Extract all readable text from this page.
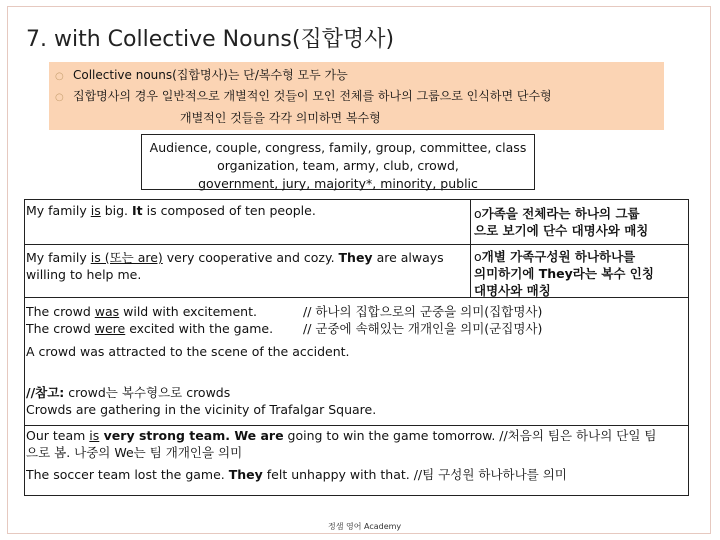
7. with Collective Nouns(집합명사)
○ Collective nouns(집합명사)는 단/복수형 모두 가능
○ 집합명사의 경우 일반적으로 개별적인 것들이 모인 전체를 하나의 그룹으로 인식하면 단수형
개별적인 것들을 각각 의미하면 복수형
Audience, couple, congress, family, group, committee, class
organization, team, army, club, crowd,
government, jury, majority*, minority, public
My family is big. It is composed of ten people.	o가족을 전체라는 하나의 그룹
으로 보기에 단수 대명사와 매칭
My family is (또는 are) very cooperative and cozy. They are always
willing to help me.
o개별 가족구성원 하나하나를
의미하기에 They라는 복수 인칭
대명사와 매칭
The crowd was wild with excitement.	// 하나의 집합으로의 군중을 의미(집합명사)
The crowd were excited with the game. // 군중에 속해있는 개개인을 의미(군집명사)
A crowd was attracted to the scene of the accident.
//참고: crowd는 복수형으로 crowds
Crowds are gathering in the vicinity of Trafalgar Square.
Our team is very strong team. We are going to win the game tomorrow. //처음의 팀은 하나의 단일 팀
으로 봄. 나중의 We는 팀 개개인을 의미
The soccer team lost the game. They felt unhappy with that. //팀 구성원 하나하나를 의미
정샘 영어 Academy
